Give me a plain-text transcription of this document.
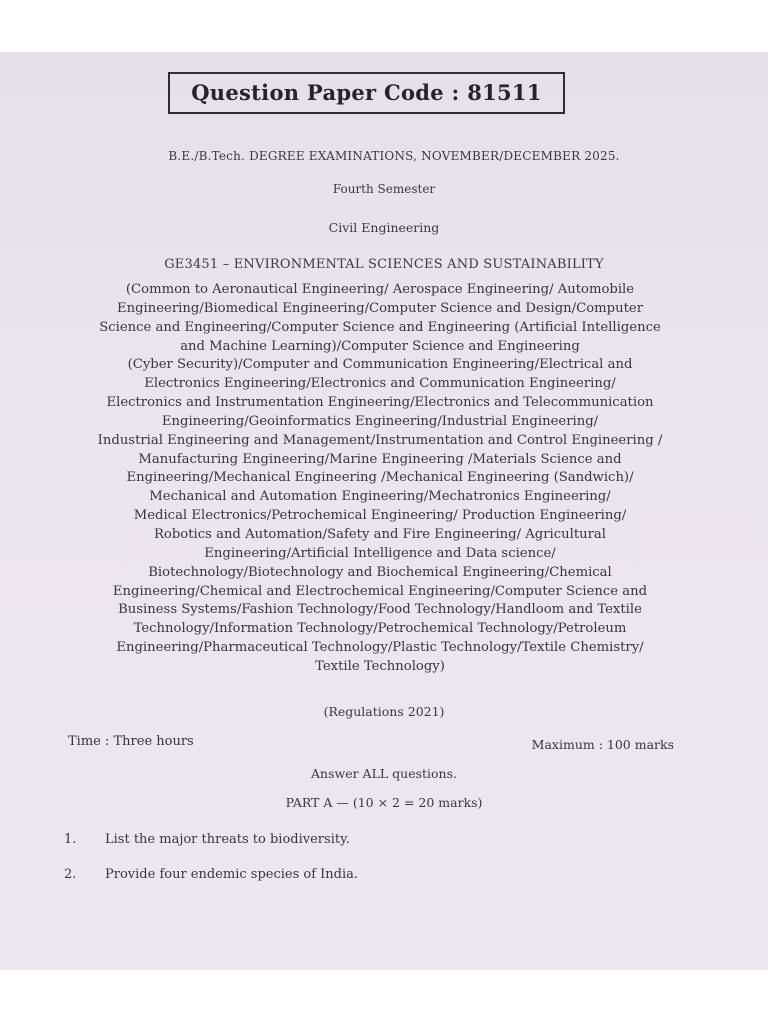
Question Paper Code : 81511
B.E./B.Tech. DEGREE EXAMINATIONS, NOVEMBER/DECEMBER 2025.
Fourth Semester
Civil Engineering
GE3451 – ENVIRONMENTAL SCIENCES AND SUSTAINABILITY
(Common to Aeronautical Engineering/ Aerospace Engineering/ Automobile
Engineering/Biomedical Engineering/Computer Science and Design/Computer
Science and Engineering/Computer Science and Engineering (Artificial Intelligence
and Machine Learning)/Computer Science and Engineering
(Cyber Security)/Computer and Communication Engineering/Electrical and
Electronics Engineering/Electronics and Communication Engineering/
Electronics and Instrumentation Engineering/Electronics and Telecommunication
Engineering/Geoinformatics Engineering/Industrial Engineering/
Industrial Engineering and Management/Instrumentation and Control Engineering /
Manufacturing Engineering/Marine Engineering /Materials Science and
Engineering/Mechanical Engineering /Mechanical Engineering (Sandwich)/
Mechanical and Automation Engineering/Mechatronics Engineering/
Medical Electronics/Petrochemical Engineering/ Production Engineering/
Robotics and Automation/Safety and Fire Engineering/ Agricultural
Engineering/Artificial Intelligence and Data science/
Biotechnology/Biotechnology and Biochemical Engineering/Chemical
Engineering/Chemical and Electrochemical Engineering/Computer Science and
Business Systems/Fashion Technology/Food Technology/Handloom and Textile
Technology/Information Technology/Petrochemical Technology/Petroleum
Engineering/Pharmaceutical Technology/Plastic Technology/Textile Chemistry/
Textile Technology)
(Regulations 2021)
Time : Three hours	Maximum : 100 marks
Answer ALL questions.
PART A — (10 × 2 = 20 marks)
1. List the major threats to biodiversity.
2. Provide four endemic species of India.
